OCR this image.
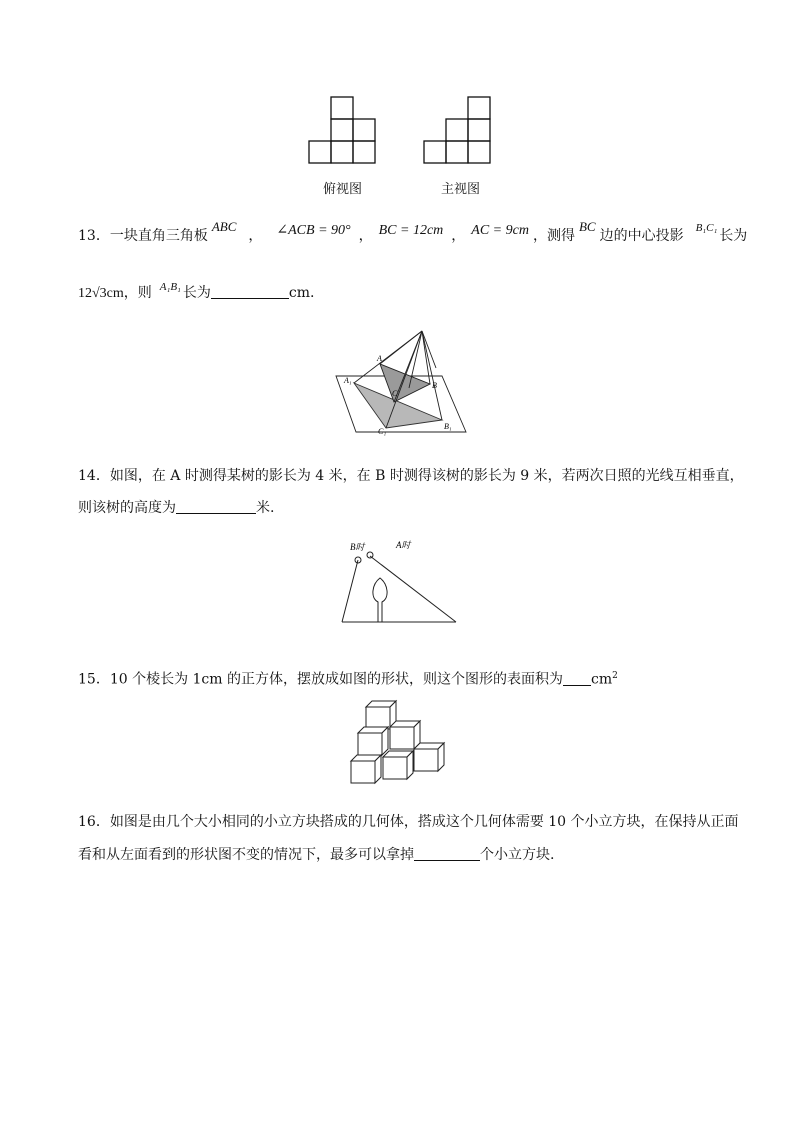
俯视图	主视图
13．一块直角三角板ABC， ∠ACB = 90° ， BC = 12cm ， AC = 9cm ，测得BC边的中心投影 $^{B_1C_1}$ 长为
12√3cm，则 $^{A_1B_1}$ 长为	cm.
A
B
C
A₁
B₁
C₁
14．如图，在 A 时测得某树的影长为 4 米，在 B 时测得该树的影长为 9 米，若两次日照的光线互相垂直，
则该树的高度为	米.
B时	A时
15．10 个棱长为 1cm 的正方体，摆放成如图的形状，则这个图形的表面积为 $cm^2$
16．如图是由几个大小相同的小立方块搭成的几何体，搭成这个几何体需要 10 个小立方块，在保持从正面
看和从左面看到的形状图不变的情况下，最多可以拿掉	个小立方块.
